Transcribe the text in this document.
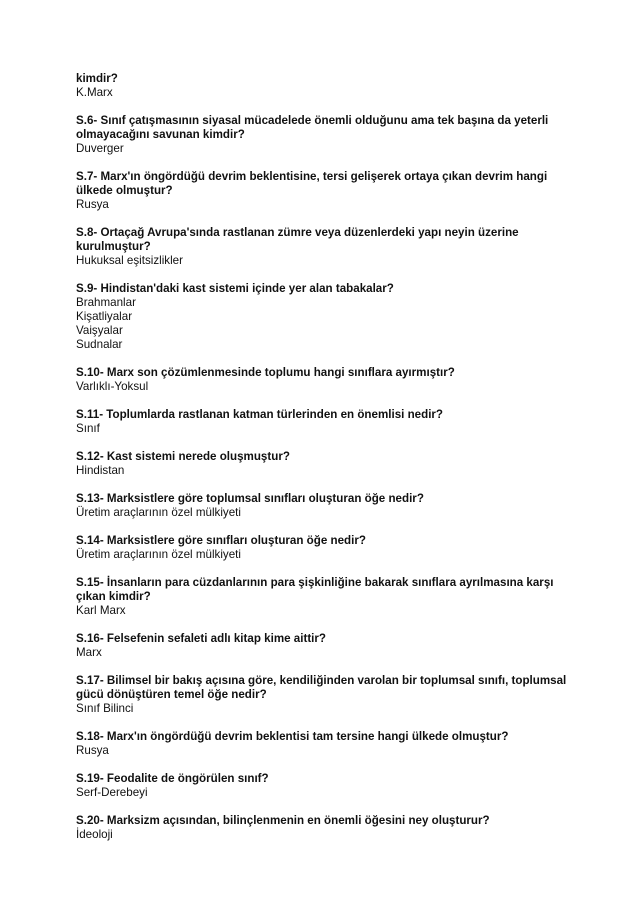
kimdir?

K.Marx

S.6- Sınıf çatışmasının siyasal mücadelede önemli olduğunu ama tek başına da yeterli olmayacağını savunan kimdir?

Duverger

S.7- Marx'ın öngördüğü devrim beklentisine, tersi gelişerek ortaya çıkan devrim hangi ülkede olmuştur?

Rusya

S.8- Ortaçağ Avrupa'sında rastlanan zümre veya düzenlerdeki yapı neyin üzerine kurulmuştur?

Hukuksal eşitsizlikler

S.9- Hindistan'daki kast sistemi içinde yer alan tabakalar?

Brahmanlar

Kişatliyalar

Vaişyalar

Sudnalar

S.10- Marx son çözümlenmesinde toplumu hangi sınıflara ayırmıştır?

Varlıklı-Yoksul

S.11- Toplumlarda rastlanan katman türlerinden en önemlisi nedir?

Sınıf

S.12- Kast sistemi nerede oluşmuştur?

Hindistan

S.13- Marksistlere göre toplumsal sınıfları oluşturan öğe nedir?

Üretim araçlarının özel mülkiyeti

S.14- Marksistlere göre sınıfları oluşturan öğe nedir?

Üretim araçlarının özel mülkiyeti

S.15- İnsanların para cüzdanlarının para şişkinliğine bakarak sınıflara ayrılmasına karşı çıkan kimdir?

Karl Marx

S.16- Felsefenin sefaleti adlı kitap kime aittir?

Marx

S.17- Bilimsel bir bakış açısına göre, kendiliğinden varolan bir toplumsal sınıfı, toplumsal gücü dönüştüren temel öğe nedir?

Sınıf Bilinci

S.18- Marx'ın öngördüğü devrim beklentisi tam tersine hangi ülkede olmuştur?

Rusya

S.19- Feodalite de öngörülen sınıf?

Serf-Derebeyi

S.20- Marksizm açısından, bilinçlenmenin en önemli öğesini ney oluşturur?

İdeoloji
